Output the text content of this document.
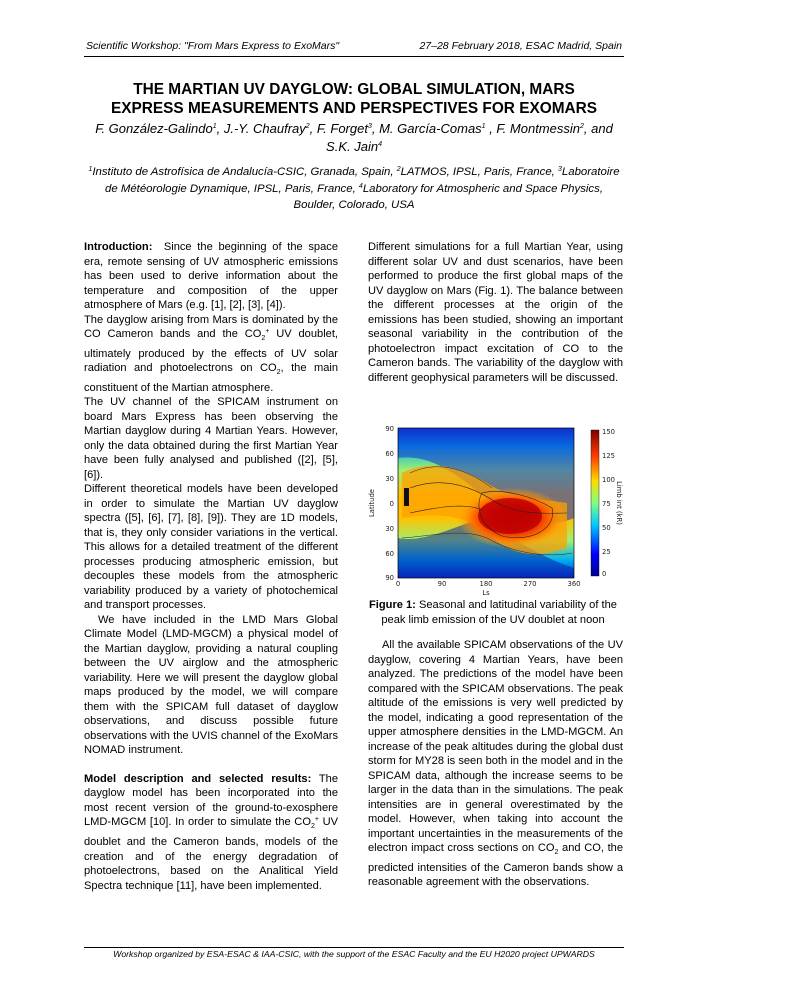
Scientific Workshop: "From Mars Express to ExoMars"	27–28 February 2018, ESAC Madrid, Spain
THE MARTIAN UV DAYGLOW: GLOBAL SIMULATION, MARS
EXPRESS MEASUREMENTS AND PERSPECTIVES FOR EXOMARS
F. González-Galindo$^1$, J.-Y. Chaufray$^2$, F. Forget$^3$, M. García-Comas$^1$ , F. Montmessin$^2$, and S.K. Jain$^4$
$^1$Instituto de Astrofísica de Andalucía-CSIC, Granada, Spain, $^2$LATMOS, IPSL, Paris, France, $^3$Laboratoire de Météorologie Dynamique, IPSL, Paris, France, $^4$Laboratory for Atmospheric and Space Physics, Boulder, Colorado, USA

Introduction: Since the beginning of the space era, remote sensing of UV atmospheric emissions has been used to derive information about the temperature and composition of the upper atmosphere of Mars (e.g. [1], [2], [3], [4]).

The dayglow arising from Mars is dominated by the CO Cameron bands and the $CO_2^+$ UV doublet, ultimately produced by the effects of UV solar radiation and photoelectrons on $CO_2$, the main constituent of the Martian atmosphere.

The UV channel of the SPICAM instrument on board Mars Express has been observing the Martian dayglow during 4 Martian Years. However, only the data obtained during the first Martian Year have been fully analysed and published ([2], [5], [6]).

Different theoretical models have been developed in order to simulate the Martian UV dayglow spectra ([5], [6], [7], [8], [9]). They are 1D models, that is, they only consider variations in the vertical. This allows for a detailed treatment of the different processes producing atmospheric emission, but decouples these models from the atmospheric variability produced by a variety of photochemical and transport processes.

We have included in the LMD Mars Global Climate Model (LMD-MGCM) a physical model of the Martian dayglow, providing a natural coupling between the UV airglow and the atmospheric variability. Here we will present the dayglow global maps produced by the model, we will compare them with the SPICAM full dataset of dayglow observations, and discuss possible future observations with the UVIS channel of the ExoMars NOMAD instrument.

Model description and selected results: The dayglow model has been incorporated into the most recent version of the ground-to-exosphere LMD-MGCM [10]. In order to simulate the $CO_2^+$ UV doublet and the Cameron bands, models of the creation and of the energy degradation of photoelectrons, based on the Analitical Yield Spectra technique [11], have been implemented.

Different simulations for a full Martian Year, using different solar UV and dust scenarios, have been performed to produce the first global maps of the UV dayglow on Mars (Fig. 1). The balance between the different processes at the origin of the emissions has been studied, showing an important seasonal variability in the contribution of the photoelectron impact excitation of CO to the Cameron bands. The variability of the dayglow with different geophysical parameters will be discussed.

90
60
30
0
30
60
90
Latitude
0	90	180	270	360
Ls
150
125
100
75
50
25
0
Limb int (kR)
Figure 1: Seasonal and latitudinal variability of the peak limb emission of the UV doublet at noon

All the available SPICAM observations of the UV dayglow, covering 4 Martian Years, have been analyzed. The predictions of the model have been compared with the SPICAM observations. The peak altitude of the emissions is very well predicted by the model, indicating a good representation of the upper atmosphere densities in the LMD-MGCM. An increase of the peak altitudes during the global dust storm for MY28 is seen both in the model and in the SPICAM data, although the increase seems to be larger in the data than in the simulations. The peak intensities are in general overestimated by the model. However, when taking into account the important uncertainties in the measurements of the electron impact cross sections on $CO_2$ and CO, the predicted intensities of the Cameron bands show a reasonable agreement with the observations.

Workshop organized by ESA-ESAC & IAA-CSIC, with the support of the ESAC Faculty and the EU H2020 project UPWARDS
